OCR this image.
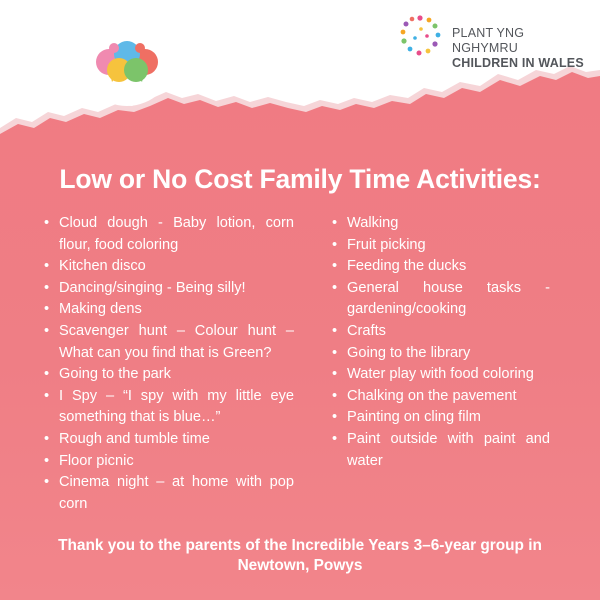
PLANT YNG NGHYMRU
CHILDREN IN WALES
Low or No Cost Family Time Activities:
• Cloud dough - Baby lotion, corn flour, food coloring
• Kitchen disco
• Dancing/singing - Being silly!
• Making dens
• Scavenger hunt – Colour hunt – What can you find that is Green?
• Going to the park
• I Spy – “I spy with my little eye something that is blue…”
• Rough and tumble time
• Floor picnic
• Cinema night – at home with pop corn
• Walking
• Fruit picking
• Feeding the ducks
• General house tasks - gardening/cooking
• Crafts
• Going to the library
• Water play with food coloring
• Chalking on the pavement
• Painting on cling film
• Paint outside with paint and water
Thank you to the parents of the Incredible Years 3–6-year group in Newtown, Powys
